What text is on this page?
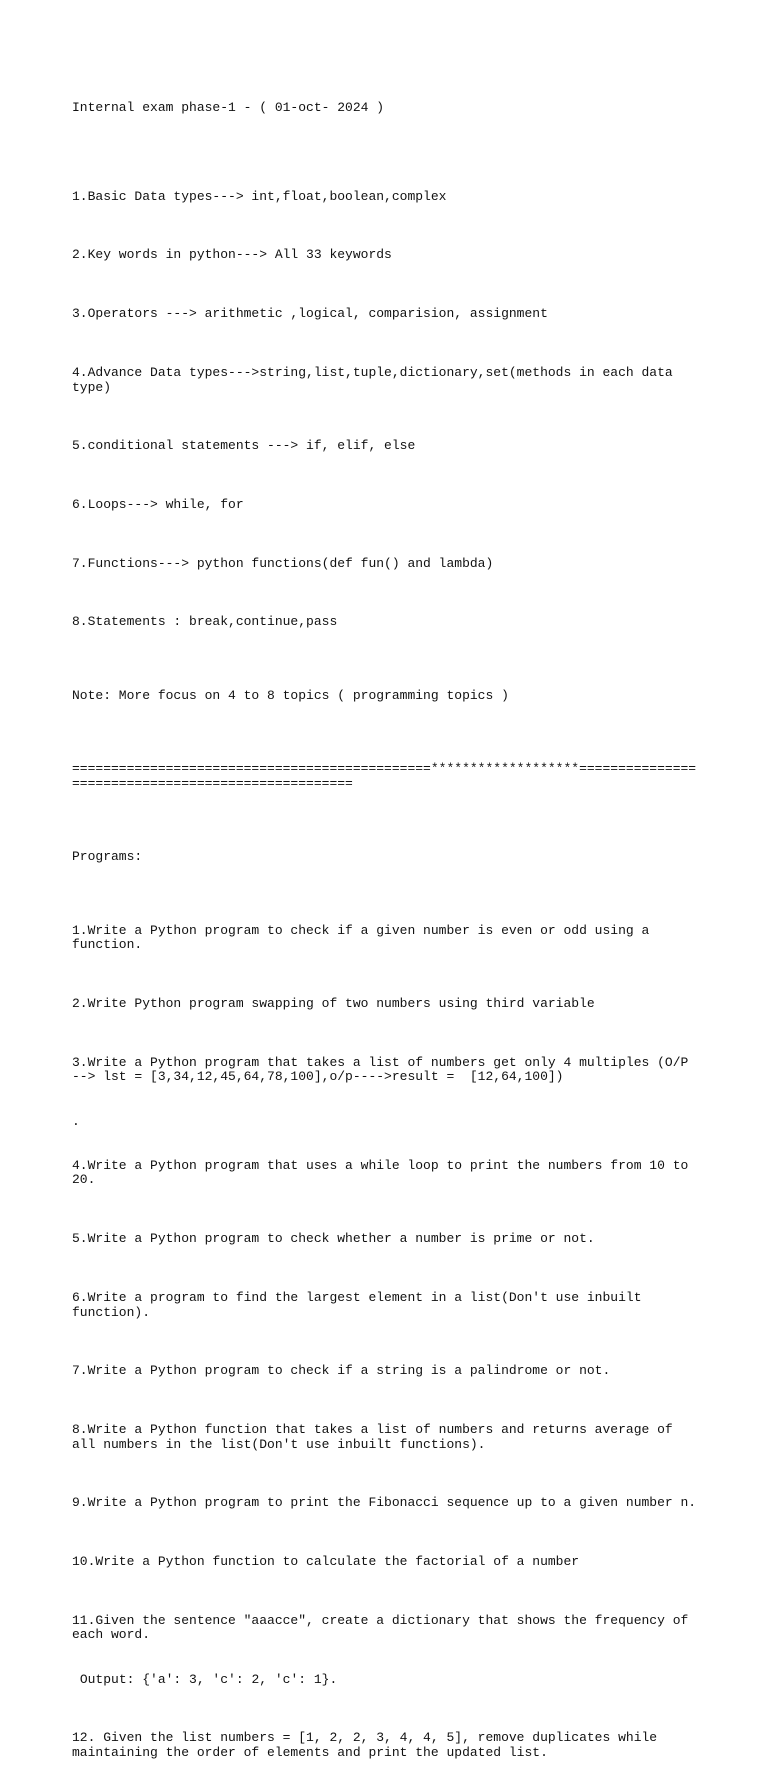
Internal exam phase-1 - ( 01-oct- 2024 )

1.Basic Data types---> int,float,boolean,complex

2.Key words in python---> All 33 keywords

3.Operators ---> arithmetic ,logical, comparision, assignment

4.Advance Data types--->string,list,tuple,dictionary,set(methods in each data type)

5.conditional statements ---> if, elif, else

6.Loops---> while, for

7.Functions---> python functions(def fun() and lambda)

8.Statements : break,continue,pass

Note: More focus on 4 to 8 topics ( programming topics )

==============================================*******************===================================================

Programs:

1.Write a Python program to check if a given number is even or odd using a function.

2.Write Python program swapping of two numbers using third variable

3.Write a Python program that takes a list of numbers get only 4 multiples (O/P --> lst = [3,34,12,45,64,78,100],o/p---->result =  [12,64,100])

.

4.Write a Python program that uses a while loop to print the numbers from 10 to 20.

5.Write a Python program to check whether a number is prime or not.

6.Write a program to find the largest element in a list(Don't use inbuilt function).

7.Write a Python program to check if a string is a palindrome or not.

8.Write a Python function that takes a list of numbers and returns average of all numbers in the list(Don't use inbuilt functions).

9.Write a Python program to print the Fibonacci sequence up to a given number n.

10.Write a Python function to calculate the factorial of a number

11.Given the sentence "aaacce", create a dictionary that shows the frequency of each word.

Output: {'a': 3, 'c': 2, 'c': 1}.

12. Given the list numbers = [1, 2, 2, 3, 4, 4, 5], remove duplicates while maintaining the order of elements and print the updated list.
